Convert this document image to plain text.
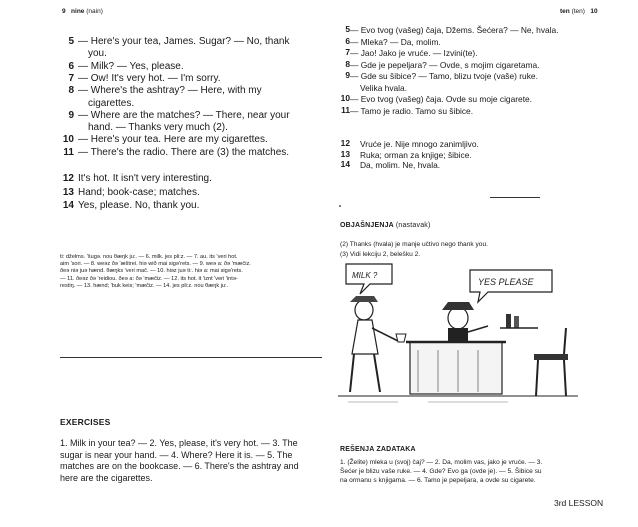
9 nine (nain)	ten (ten) 10
5 — Here's your tea, James. Sugar? — No, thank
you.
6 — Milk? — Yes, please.
7 — Ow! It's very hot. — I'm sorry.
8 — Where's the ashtray? — Here, with my
cigarettes.
9 — Where are the matches? — There, near your
hand. — Thanks very much (2).
10 — Here's your tea. Here are my cigarettes.
11 — There's the radio. There are (3) the matches.
12 It's hot. It isn't very interesting.
13 Hand; book-case; matches.
14 Yes, please. No, thank you.
ti: dželms. 'šugə. nou θæŋk ju:. — 6. milk. jes pli:z. — 7. au. its 'veri hot.
aim 'sori. — 8. weəz ðə 'æštrei. hiə wið mai sigə'rets. — 9. weə a: ðə 'mæčiz.
ðeə niə juə hænd. θæŋks 'veri mač. — 10. hiəz juə ti:. hiə a: mai sigə'rets.
— 11. ðeəz ðə 'reidiou. ðeə a: ðə 'mæčiz. — 12. its hot. it 'iznt 'veri 'intə-
restiŋ. — 13. hænd; 'buk keis; 'mæčiz. — 14. jes pli:z. nou θæŋk ju:.
EXERCISES
1. Milk in your tea? — 2. Yes, please, it's very hot. — 3. The
sugar is near your hand. — 4. Where? Here it is. — 5. The
matches are on the bookcase. — 6. There's the ashtray and
here are the cigarettes.
5 — Evo tvog (vašeg) čaja, Džems. Šećera? — Ne, hvala.
6 — Mleka? — Da, molim.
7 — Jao! Jako je vruće. — Izvini(te).
8 — Gde je pepeljara? — Ovde, s mojim cigaretama.
9 — Gde su šibice? — Tamo, blizu tvoje (vaše) ruke.
Velika hvala.
10 — Evo tvog (vašeg) čaja. Ovde su moje cigarete.
11 — Tamo je radio. Tamo su šibice.
12 Vruće je. Nije mnogo zanimljivo.
13 Ruka; orman za knjige; šibice.
14 Da, molim. Ne, hvala.
OBJAŠNJENJA (nastavak)
(2) Thanks (hvala) je manje učtivo nego thank you.
(3) Vidi lekciju 2, belešku 2.
MILK ?
YES PLEASE
REŠENJA ZADATAKA
1. (Želite) mleka u (svoj) čaj? — 2. Da, molim vas, jako je vruće. — 3.
Šećer je blizu vaše ruke. — 4. Gde? Evo ga (ovde je). — 5. Šibice su
na ormanu s knjigama. — 6. Tamo je pepeljara, a ovde su cigarete.
3rd LESSON
